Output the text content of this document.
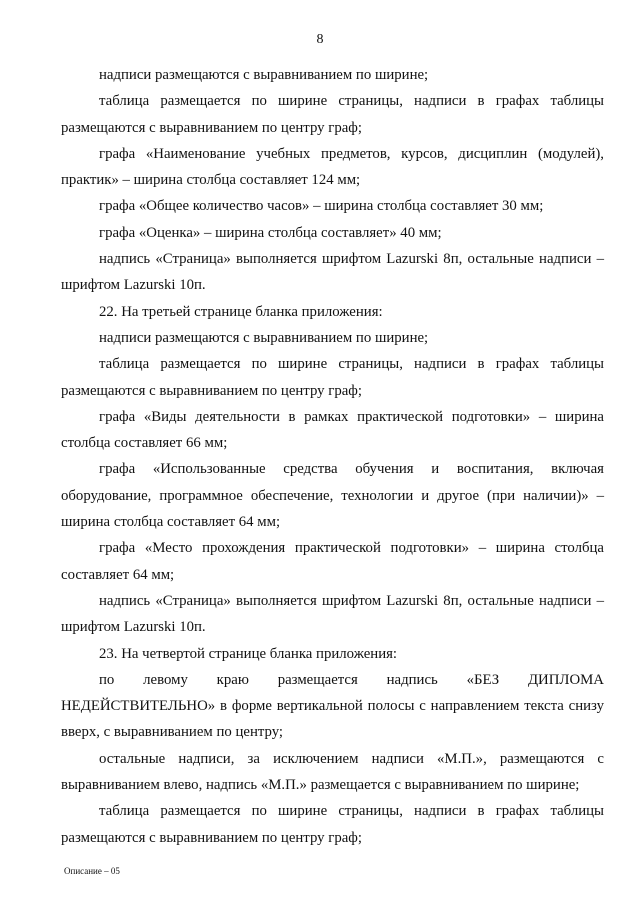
8

надписи размещаются с выравниванием по ширине;

таблица размещается по ширине страницы, надписи в графах таблицы размещаются с выравниванием по центру граф;

графа «Наименование учебных предметов, курсов, дисциплин (модулей), практик» – ширина столбца составляет 124 мм;

графа «Общее количество часов» – ширина столбца составляет 30 мм;

графа «Оценка» – ширина столбца составляет» 40 мм;

надпись «Страница» выполняется шрифтом Lazurski 8п, остальные надписи – шрифтом Lazurski 10п.

22. На третьей странице бланка приложения:

надписи размещаются с выравниванием по ширине;

таблица размещается по ширине страницы, надписи в графах таблицы размещаются с выравниванием по центру граф;

графа «Виды деятельности в рамках практической подготовки» – ширина столбца составляет 66 мм;

графа «Использованные средства обучения и воспитания, включая оборудование, программное обеспечение, технологии и другое (при наличии)» – ширина столбца составляет 64 мм;

графа «Место прохождения практической подготовки» – ширина столбца составляет 64 мм;

надпись «Страница» выполняется шрифтом Lazurski 8п, остальные надписи – шрифтом Lazurski 10п.

23. На четвертой странице бланка приложения:

по левому краю размещается надпись «БЕЗ ДИПЛОМА НЕДЕЙСТВИТЕЛЬНО» в форме вертикальной полосы с направлением текста снизу вверх, с выравниванием по центру;

остальные надписи, за исключением надписи «М.П.», размещаются с выравниванием влево, надпись «М.П.» размещается с выравниванием по ширине;

таблица размещается по ширине страницы, надписи в графах таблицы размещаются с выравниванием по центру граф;

Описание – 05
